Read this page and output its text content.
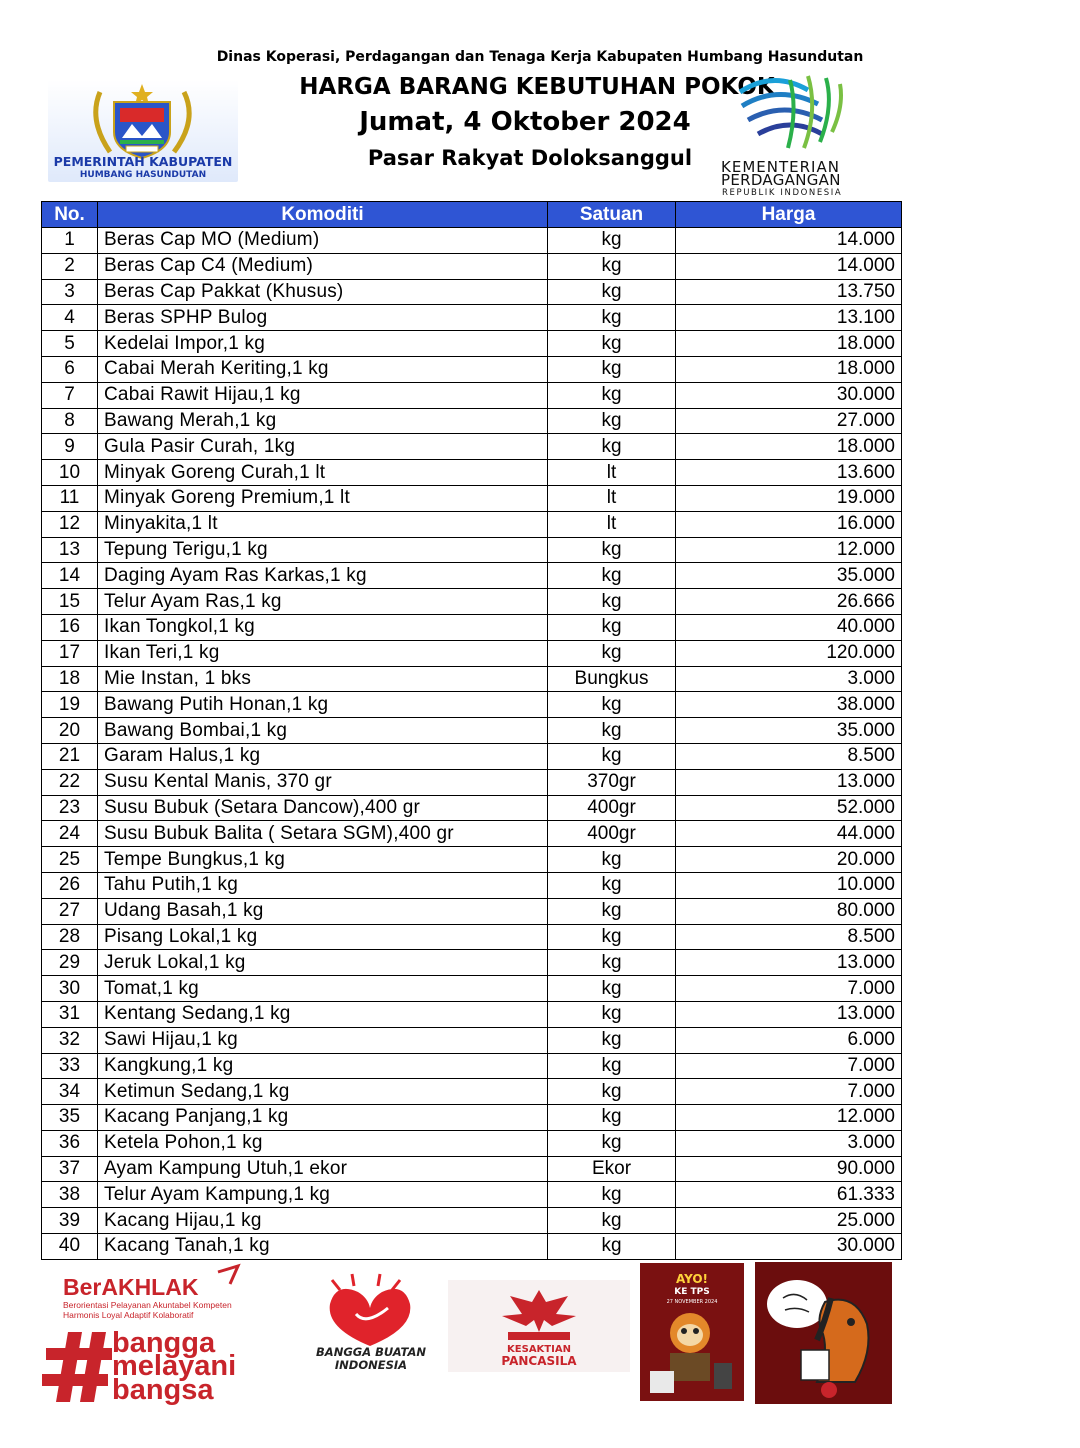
Dinas Koperasi, Perdagangan dan Tenaga Kerja Kabupaten Humbang Hasundutan
HARGA BARANG KEBUTUHAN POKOK
Jumat, 4 Oktober 2024
Pasar Rakyat Doloksanggul
PEMERINTAH KABUPATEN
HUMBANG HASUNDUTAN	KEMENTERIAN
PERDAGANGAN
REPUBLIK INDONESIA
No.	Komoditi	Satuan	Harga
1	Beras Cap MO (Medium)	kg	14.000
2	Beras Cap C4 (Medium)	kg	14.000
3	Beras Cap Pakkat (Khusus)	kg	13.750
4	Beras SPHP Bulog	kg	13.100
5	Kedelai Impor,1 kg	kg	18.000
6	Cabai Merah Keriting,1 kg	kg	18.000
7	Cabai Rawit Hijau,1 kg	kg	30.000
8	Bawang Merah,1 kg	kg	27.000
9	Gula Pasir Curah, 1kg	kg	18.000
10	Minyak Goreng Curah,1 lt	lt	13.600
11	Minyak Goreng Premium,1 lt	lt	19.000
12	Minyakita,1 lt	lt	16.000
13	Tepung Terigu,1 kg	kg	12.000
14	Daging Ayam Ras Karkas,1 kg	kg	35.000
15	Telur Ayam Ras,1 kg	kg	26.666
16	Ikan Tongkol,1 kg	kg	40.000
17	Ikan Teri,1 kg	kg	120.000
18	Mie Instan, 1 bks	Bungkus	3.000
19	Bawang Putih Honan,1 kg	kg	38.000
20	Bawang Bombai,1 kg	kg	35.000
21	Garam Halus,1 kg	kg	8.500
22	Susu Kental Manis, 370 gr	370gr	13.000
23	Susu Bubuk (Setara Dancow),400 gr	400gr	52.000
24	Susu Bubuk Balita ( Setara SGM),400 gr	400gr	44.000
25	Tempe Bungkus,1 kg	kg	20.000
26	Tahu Putih,1 kg	kg	10.000
27	Udang Basah,1 kg	kg	80.000
28	Pisang Lokal,1 kg	kg	8.500
29	Jeruk Lokal,1 kg	kg	13.000
30	Tomat,1 kg	kg	7.000
31	Kentang Sedang,1 kg	kg	13.000
32	Sawi Hijau,1 kg	kg	6.000
33	Kangkung,1 kg	kg	7.000
34	Ketimun Sedang,1 kg	kg	7.000
35	Kacang Panjang,1 kg	kg	12.000
36	Ketela Pohon,1 kg	kg	3.000
37	Ayam Kampung Utuh,1 ekor	Ekor	90.000
38	Telur Ayam Kampung,1 kg	kg	61.333
39	Kacang Hijau,1 kg	kg	25.000
40	Kacang Tanah,1 kg	kg	30.000
BerAKHLAK
Berorientasi Pelayanan Akuntabel Kompeten
Harmonis Loyal Adaptif Kolaboratif
bangga
melayani
bangsa
BANGGA BUATAN
INDONESIA
KESAKTIAN
PANCASILA
AYO!
KE TPS
27 NOVEMBER 2024
